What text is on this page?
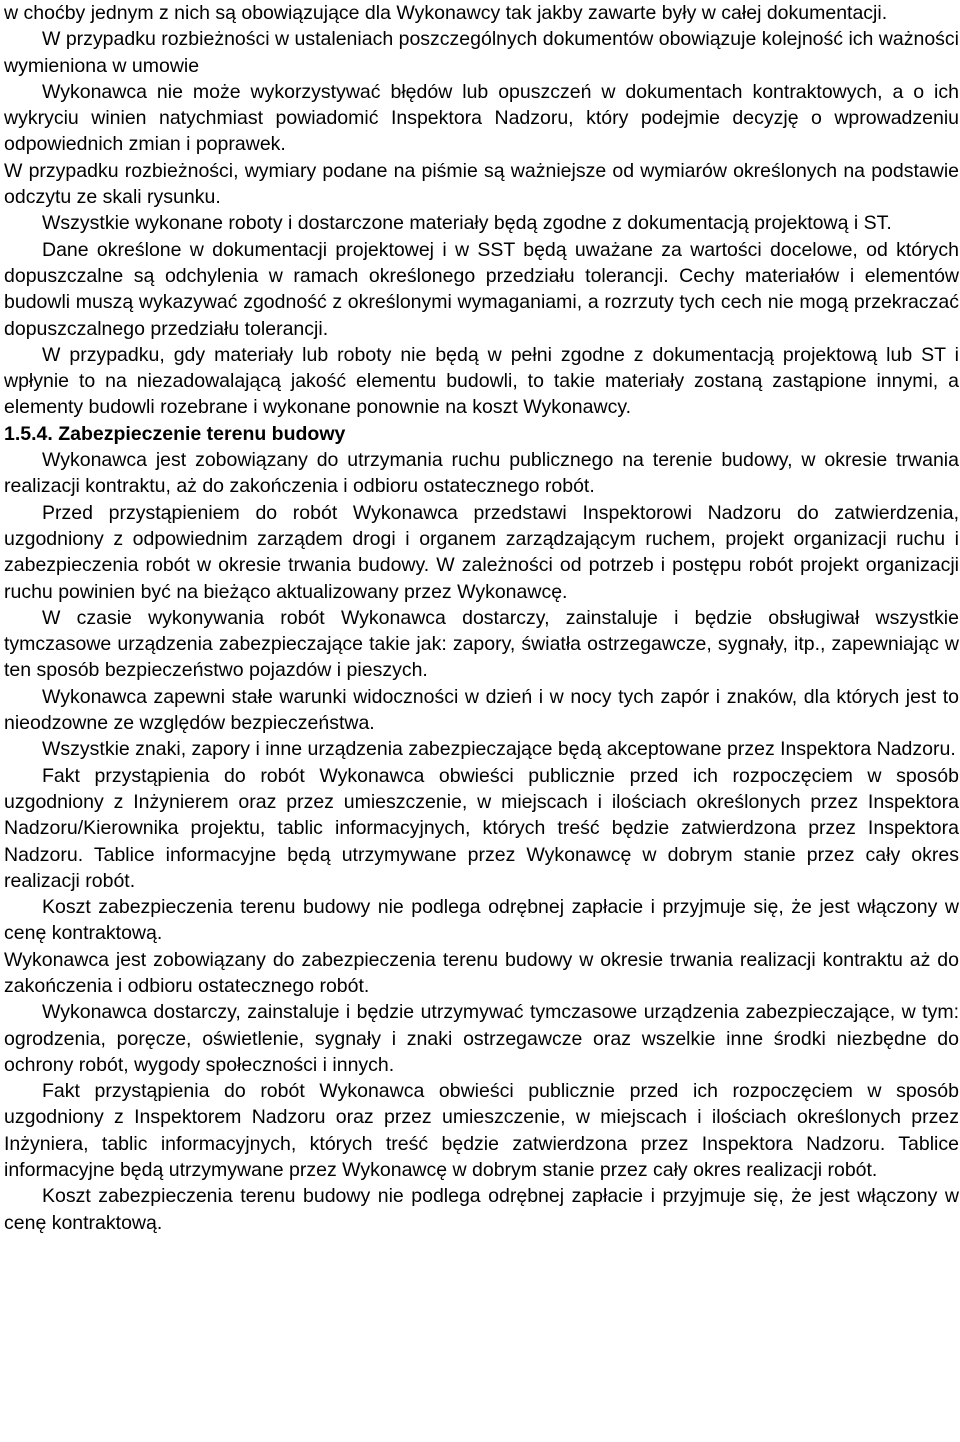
w choćby jednym z nich są obowiązujące dla Wykonawcy tak jakby zawarte były w całej dokumentacji.

W przypadku rozbieżności w ustaleniach poszczególnych dokumentów obowiązuje kolejność ich ważności wymieniona w umowie

Wykonawca nie może wykorzystywać błędów lub opuszczeń w dokumentach kontraktowych, a o ich wykryciu winien natychmiast powiadomić Inspektora Nadzoru, który podejmie decyzję o wprowadzeniu odpowiednich zmian i poprawek.

W przypadku rozbieżności, wymiary podane na piśmie są ważniejsze od wymiarów określonych na podstawie odczytu ze skali rysunku.

Wszystkie wykonane roboty i dostarczone materiały będą zgodne z dokumentacją projektową i ST.

Dane określone w dokumentacji projektowej i w SST będą uważane za wartości docelowe, od których dopuszczalne są odchylenia w ramach określonego przedziału tolerancji. Cechy materiałów i elementów budowli muszą wykazywać zgodność z określonymi wymaganiami, a rozrzuty tych cech nie mogą przekraczać dopuszczalnego przedziału tolerancji.

W przypadku, gdy materiały lub roboty nie będą w pełni zgodne z dokumentacją projektową lub ST i wpłynie to na niezadowalającą jakość elementu budowli, to takie materiały zostaną zastąpione innymi, a elementy budowli rozebrane i wykonane ponownie na koszt Wykonawcy.

1.5.4. Zabezpieczenie terenu budowy

Wykonawca jest zobowiązany do utrzymania ruchu publicznego na terenie budowy, w okresie trwania realizacji kontraktu, aż do zakończenia i odbioru ostatecznego robót.

Przed przystąpieniem do robót Wykonawca przedstawi Inspektorowi Nadzoru do zatwierdzenia, uzgodniony z odpowiednim zarządem drogi i organem zarządzającym ruchem, projekt organizacji ruchu i zabezpieczenia robót w okresie trwania budowy. W zależności od potrzeb i postępu robót projekt organizacji ruchu powinien być na bieżąco aktualizowany przez Wykonawcę.

W czasie wykonywania robót Wykonawca dostarczy, zainstaluje i będzie obsługiwał wszystkie tymczasowe urządzenia zabezpieczające takie jak: zapory, światła ostrzegawcze, sygnały, itp., zapewniając w ten sposób bezpieczeństwo pojazdów i pieszych.

Wykonawca zapewni stałe warunki widoczności w dzień i w nocy tych zapór i znaków, dla których jest to nieodzowne ze względów bezpieczeństwa.

Wszystkie znaki, zapory i inne urządzenia zabezpieczające będą akceptowane przez Inspektora Nadzoru.

Fakt przystąpienia do robót Wykonawca obwieści publicznie przed ich rozpoczęciem w sposób uzgodniony z Inżynierem oraz przez umieszczenie, w miejscach i ilościach określonych przez Inspektora Nadzoru/Kierownika projektu, tablic informacyjnych, których treść będzie zatwierdzona przez Inspektora Nadzoru. Tablice informacyjne będą utrzymywane przez Wykonawcę w dobrym stanie przez cały okres realizacji robót.

Koszt zabezpieczenia terenu budowy nie podlega odrębnej zapłacie i przyjmuje się, że jest włączony w cenę kontraktową.

Wykonawca jest zobowiązany do zabezpieczenia terenu budowy w okresie trwania realizacji kontraktu aż do zakończenia i odbioru ostatecznego robót.

Wykonawca dostarczy, zainstaluje i będzie utrzymywać tymczasowe urządzenia zabezpieczające, w tym: ogrodzenia, poręcze, oświetlenie, sygnały i znaki ostrzegawcze oraz wszelkie inne środki niezbędne do ochrony robót, wygody społeczności i innych.

Fakt przystąpienia do robót Wykonawca obwieści publicznie przed ich rozpoczęciem w sposób uzgodniony z Inspektorem Nadzoru oraz przez umieszczenie, w miejscach i ilościach określonych przez Inżyniera, tablic informacyjnych, których treść będzie zatwierdzona przez Inspektora Nadzoru. Tablice informacyjne będą utrzymywane przez Wykonawcę w dobrym stanie przez cały okres realizacji robót.

Koszt zabezpieczenia terenu budowy nie podlega odrębnej zapłacie i przyjmuje się, że jest włączony w cenę kontraktową.
